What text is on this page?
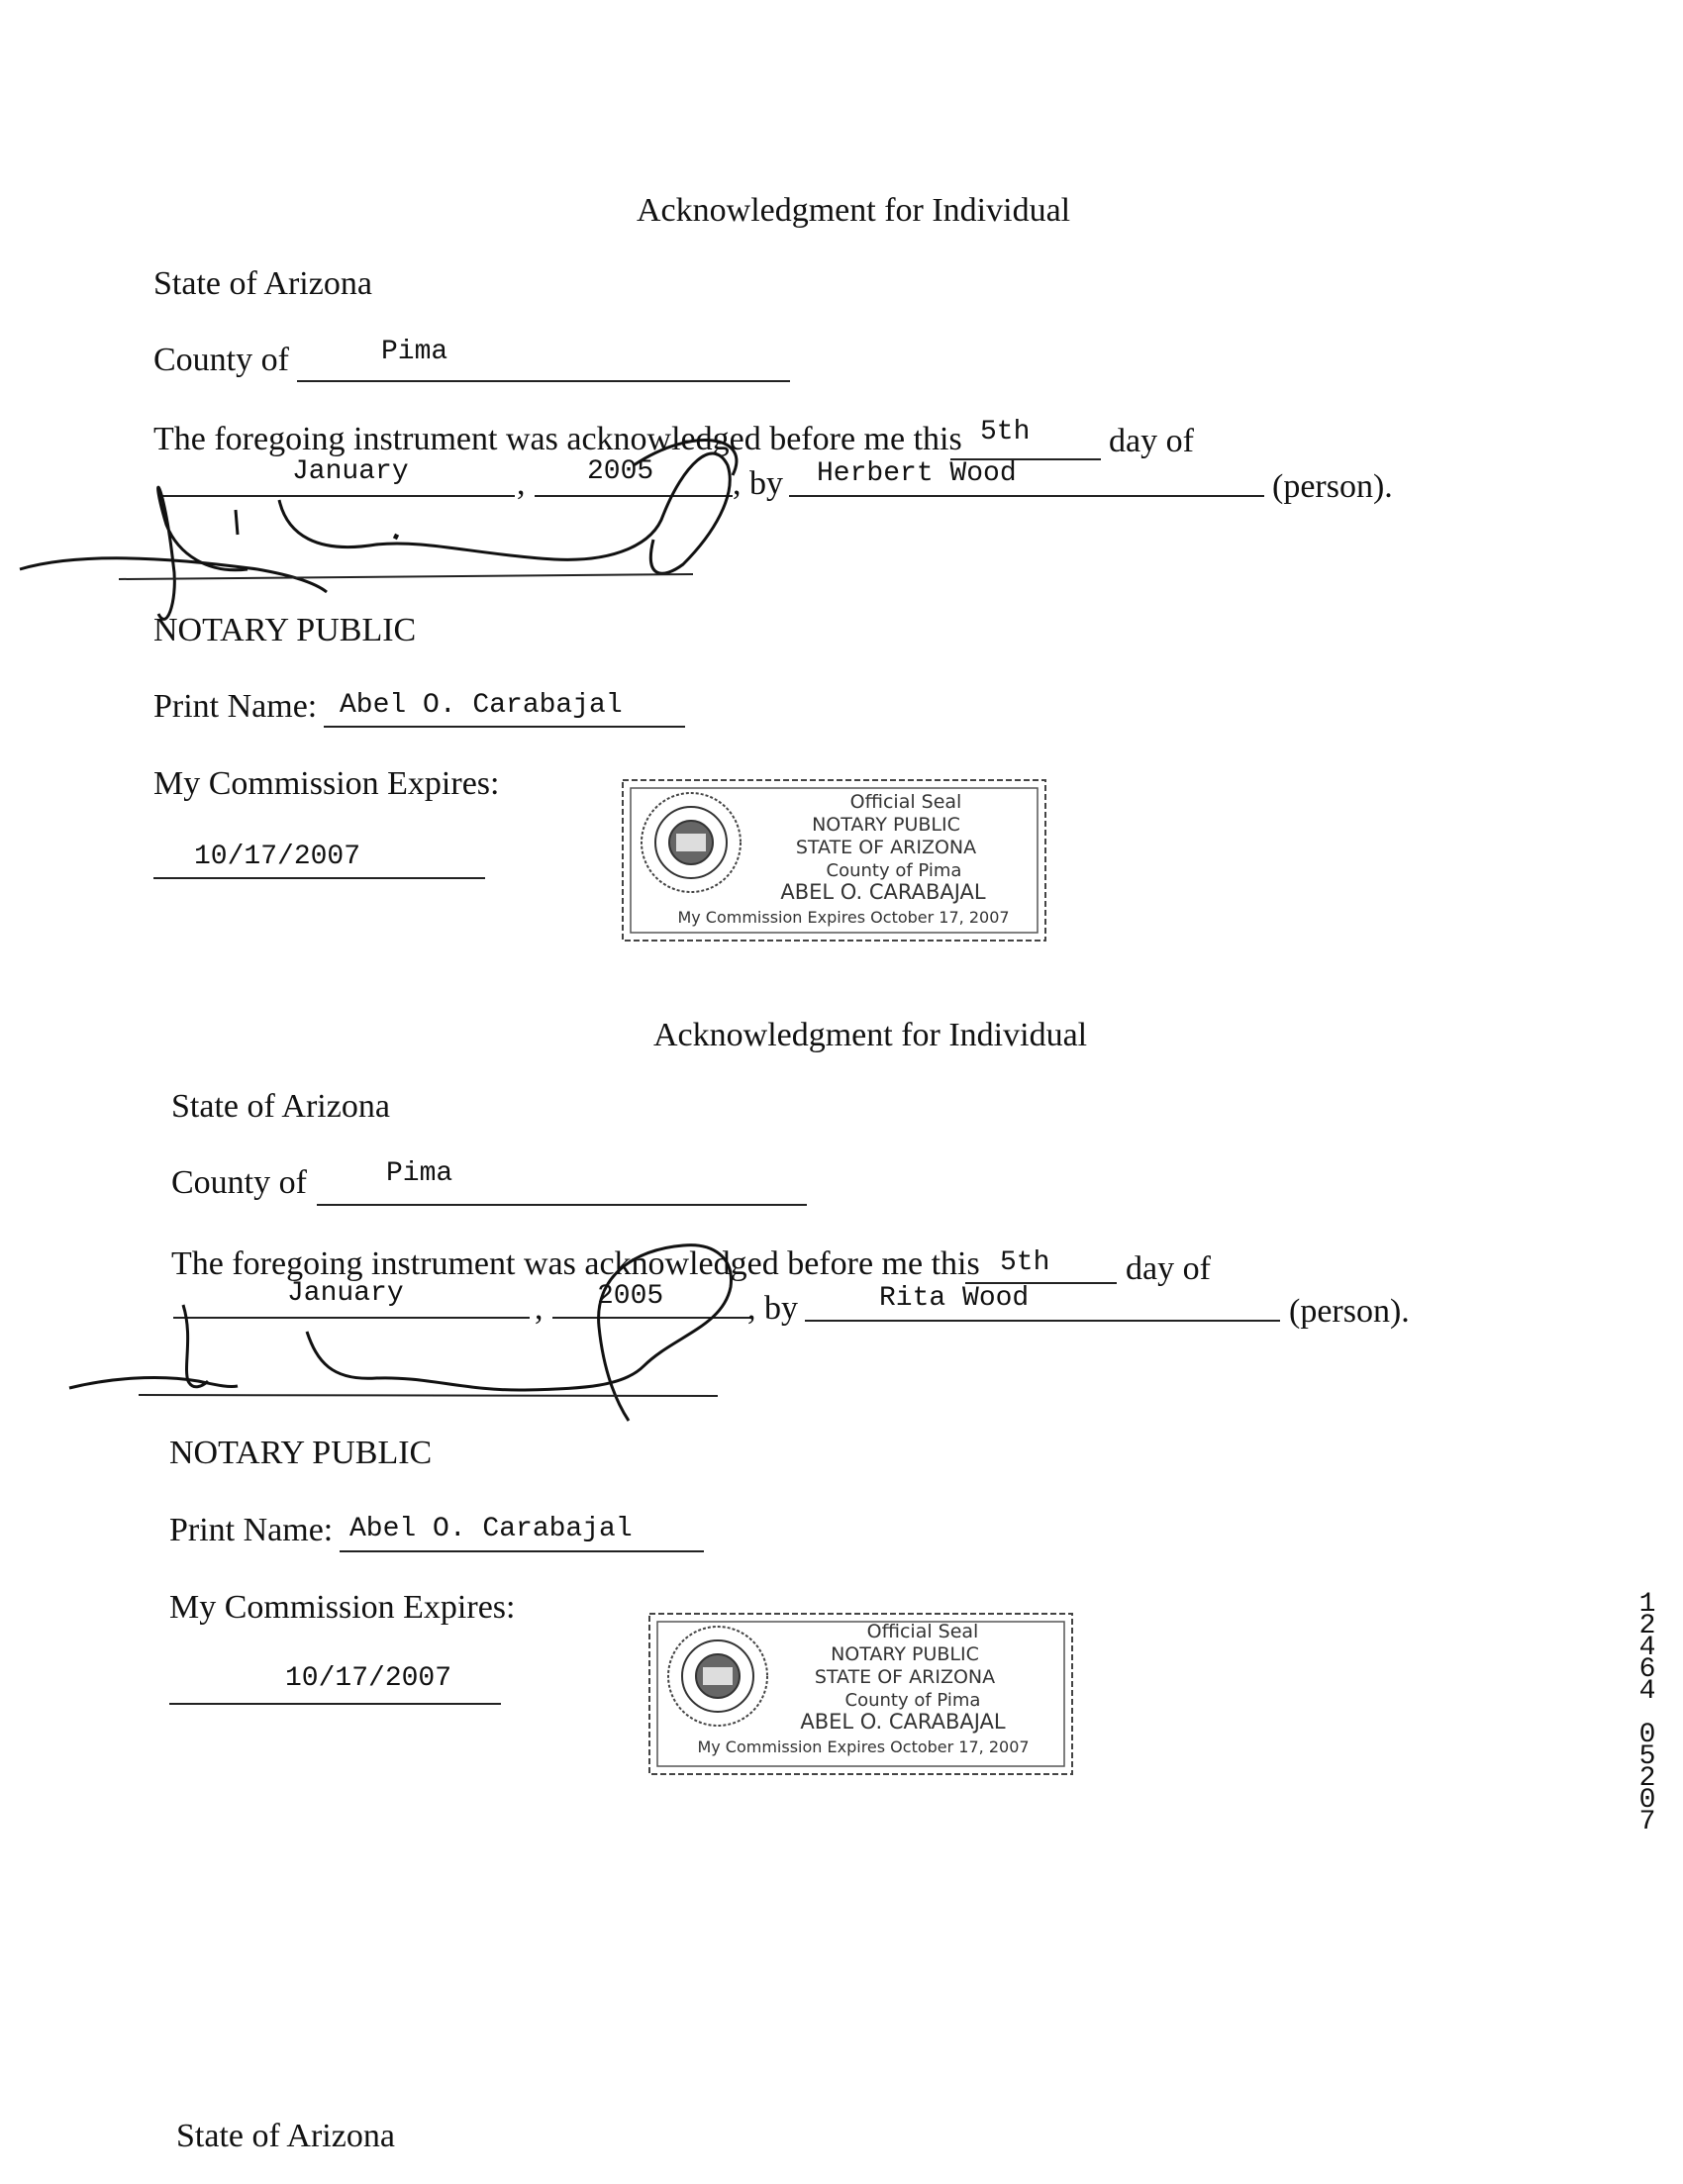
Acknowledgment for Individual
State of Arizona
County of	Pima
The foregoing instrument was acknowledged before me this 5th day of
January	, 2005 , by Herbert Wood	(person).
NOTARY PUBLIC
Print Name: Abel O. Carabajal
My Commission Expires:
10/17/2007
Official Seal
NOTARY PUBLIC
STATE OF ARIZONA
County of Pima
ABEL O. CARABAJAL
My Commission Expires October 17, 2007
Acknowledgment for Individual
State of Arizona
County of	Pima
The foregoing instrument was acknowledged before me this 5th day of
January	, 2005 , by	Rita Wood	(person).
NOTARY PUBLIC
Print Name: Abel O. Carabajal
My Commission Expires:
10/17/2007
Official Seal
NOTARY PUBLIC
STATE OF ARIZONA
County of Pima
ABEL O. CARABAJAL
My Commission Expires October 17, 2007
State of Arizona
1
2
4
6
4
0
5
2
0
7
